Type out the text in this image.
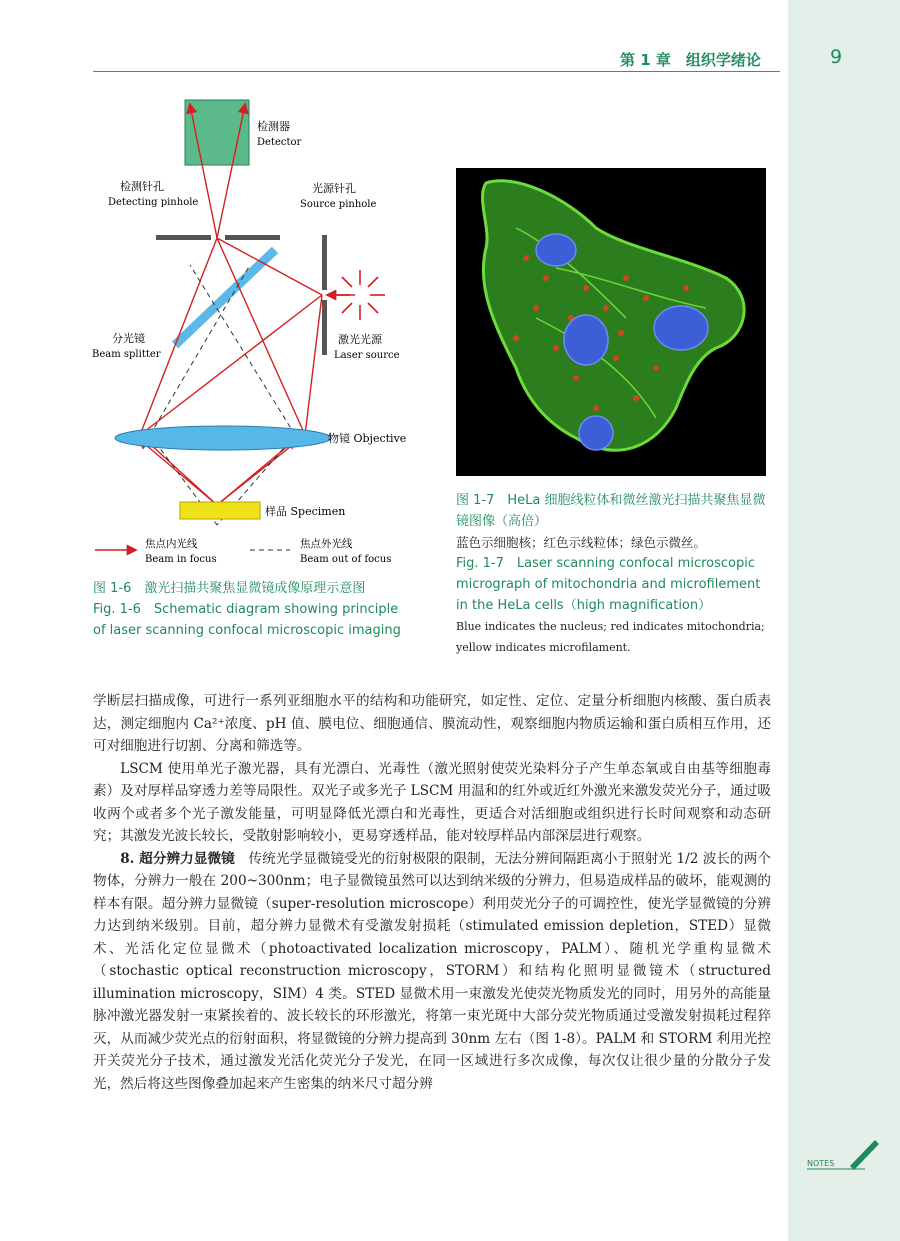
第 1 章　组织学绪论	9
检测器
Detector
检测针孔
Detecting pinhole
光源针孔
Source pinhole
激光光源
Laser source
分光镜
Beam splitter
物镜 Objective
样品 Specimen
焦点内光线
Beam in focus
焦点外光线
Beam out of focus
图 1-6　激光扫描共聚焦显微镜成像原理示意图
Fig. 1-6　Schematic diagram showing principle of laser scanning confocal microscopic imaging
图 1-7　HeLa 细胞线粒体和微丝激光扫描共聚焦显微镜图像（高倍）
蓝色示细胞核；红色示线粒体；绿色示微丝。
Fig. 1-7　Laser scanning confocal microscopic micrograph of mitochondria and microfilement in the HeLa cells（high magnification）
Blue indicates the nucleus; red indicates mitochondria; yellow indicates microfilament.

学断层扫描成像，可进行一系列亚细胞水平的结构和功能研究，如定性、定位、定量分析细胞内核酸、蛋白质表达，测定细胞内 Ca²⁺浓度、pH 值、膜电位、细胞通信、膜流动性，观察细胞内物质运输和蛋白质相互作用，还可对细胞进行切割、分离和筛选等。

LSCM 使用单光子激光器，具有光漂白、光毒性（激光照射使荧光染料分子产生单态氧或自由基等细胞毒素）及对厚样品穿透力差等局限性。双光子或多光子 LSCM 用温和的红外或近红外激光来激发荧光分子，通过吸收两个或者多个光子激发能量，可明显降低光漂白和光毒性，更适合对活细胞或组织进行长时间观察和动态研究；其激发光波长较长，受散射影响较小，更易穿透样品，能对较厚样品内部深层进行观察。

8. 超分辨力显微镜　 传统光学显微镜受光的衍射极限的限制，无法分辨间隔距离小于照射光 1/2 波长的两个物体，分辨力一般在 200~300nm；电子显微镜虽然可以达到纳米级的分辨力，但易造成样品的破坏，能观测的样本有限。超分辨力显微镜（super-resolution microscope）利用荧光分子的可调控性，使光学显微镜的分辨力达到纳米级别。目前，超分辨力显微术有受激发射损耗（stimulated emission depletion，STED）显微术、光活化定位显微术（photoactivated localization microscopy，PALM）、随机光学重构显微术（stochastic optical reconstruction microscopy，STORM）和结构化照明显微镜术（structured illumination microscopy，SIM）4 类。STED 显微术用一束激发光使荧光物质发光的同时，用另外的高能量脉冲激光器发射一束紧挨着的、波长较长的环形激光，将第一束光斑中大部分荧光物质通过受激发射损耗过程猝灭，从而减少荧光点的衍射面积，将显微镜的分辨力提高到 30nm 左右（图 1-8）。PALM 和 STORM 利用光控开关荧光分子技术，通过激发光活化荧光分子发光，在同一区域进行多次成像，每次仅让很少量的分散分子发光，然后将这些图像叠加起来产生密集的纳米尺寸超分辨

NOTES
